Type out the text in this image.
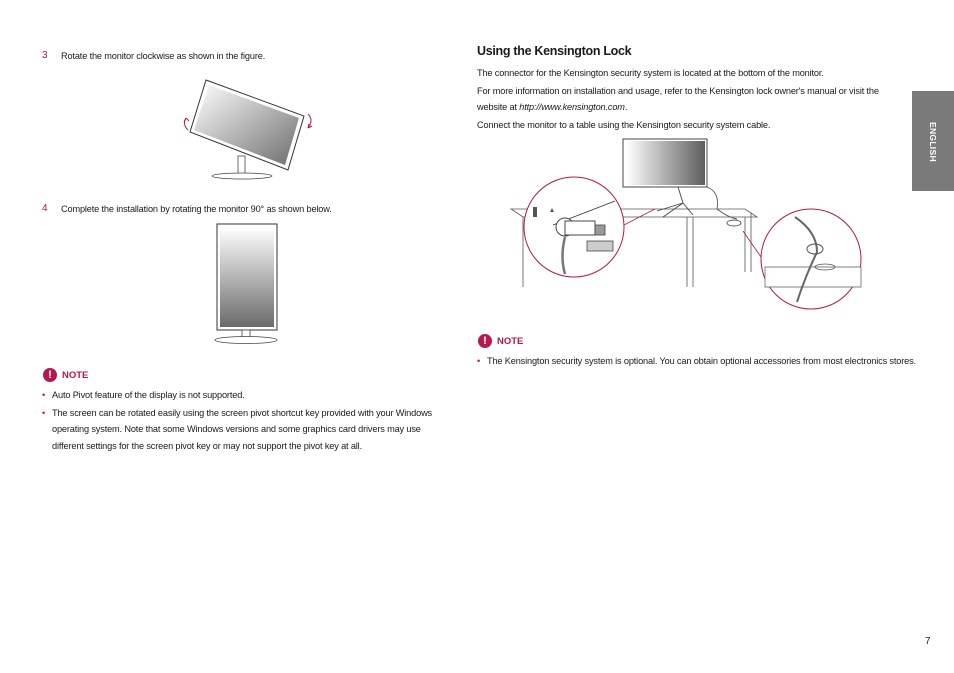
3 Rotate the monitor clockwise as shown in the figure.
4 Complete the installation by rotating the monitor 90° as shown below.
!	NOTE
• Auto Pivot feature of the display is not supported.
• The screen can be rotated easily using the screen pivot shortcut key provided with your Windows operating system. Note that some Windows versions and some graphics card drivers may use different settings for the screen pivot key or may not support the pivot key at all.
Using the Kensington Lock
The connector for the Kensington security system is located at the bottom of the monitor.
For more information on installation and usage, refer to the Kensington lock owner's manual or visit the website at http://www.kensington.com.
Connect the monitor to a table using the Kensington security system cable.
!	NOTE
• The Kensington security system is optional. You can obtain optional accessories from most electronics stores.
ENGLISH
7
